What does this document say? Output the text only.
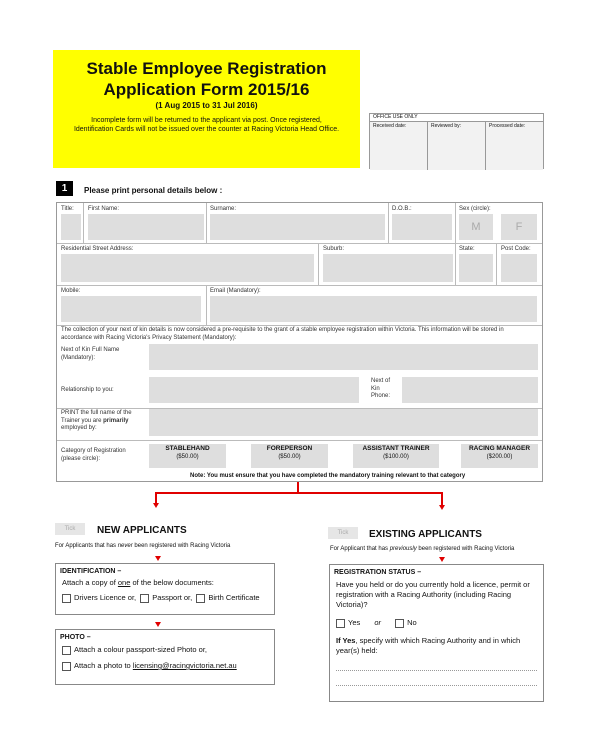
Stable Employee Registration Application Form 2015/16
(1 Aug 2015 to 31 Jul 2016)
Incomplete form will be returned to the applicant via post. Once registered, Identification Cards will not be issued over the counter at Racing Victoria Head Office.
OFFICE USE ONLY
Received date:	Reviewed by:	Processed date:
1	Please print personal details below :
Title: First Name:	Surname:	D.O.B.:	Sex (circle):
M	F
Residential Street Address:	Suburb:	State:	Post Code:
Mobile:	Email (Mandatory):
The collection of your next of kin details is now considered a pre-requisite to the grant of a stable employee registration within Victoria. This information will be stored in accordance with Racing Victoria's Privacy Statement (Mandatory):
Next of Kin Full Name (Mandatory):
Relationship to you:
Next of Kin Phone:
PRINT the full name of the Trainer you are primarily employed by:
Category of Registration (please circle):
STABLEHAND
($50.00)
FOREPERSON
($50.00)
ASSISTANT TRAINER
($100.00)
RACING MANAGER
($200.00)
Note: You must ensure that you have completed the mandatory training relevant to that category
Tick	NEW APPLICANTS
For Applicants that has never been registered with Racing Victoria
IDENTIFICATION –
Attach a copy of one of the below documents:
Drivers Licence or, Passport or, Birth Certificate
PHOTO –
Attach a colour passport-sized Photo or,
Attach a photo to licensing@racingvictoria.net.au
Tick	EXISTING APPLICANTS
For Applicant that has previously been registered with Racing Victoria
REGISTRATION STATUS –
Have you held or do you currently hold a licence, permit or registration with a Racing Authority (including Racing Victoria)?
Yes or	No
If Yes, specify with which Racing Authority and in which year(s) held:
